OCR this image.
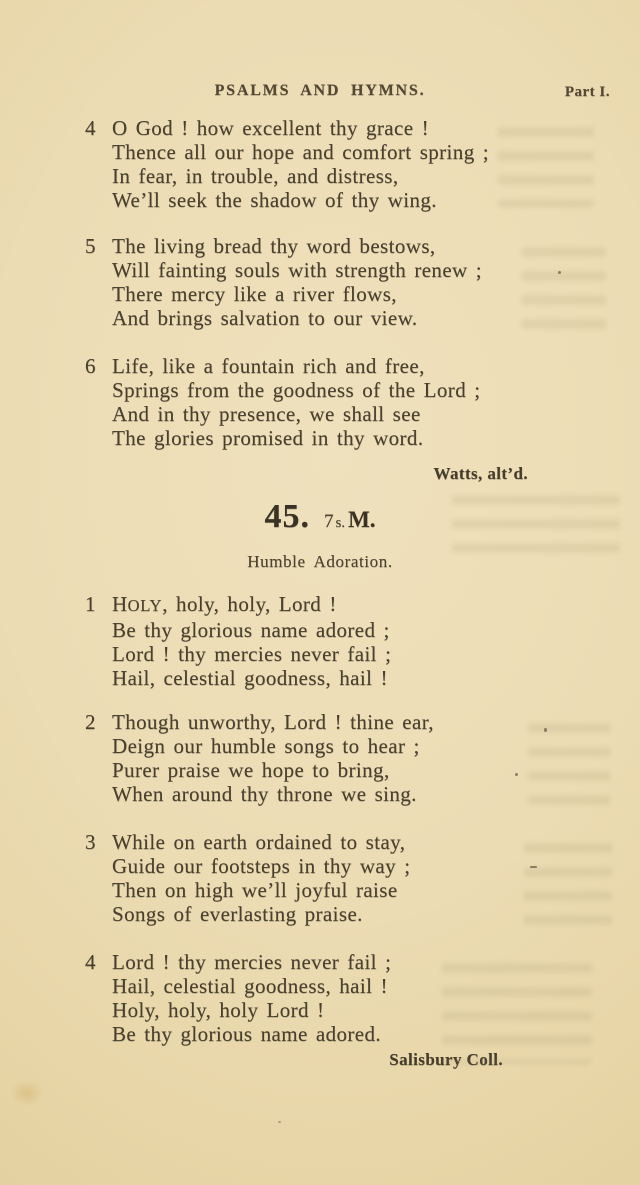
PSALMS AND HYMNS.	Part I.
4 O God ! how excellent thy grace !
Thence all our hope and comfort spring ;
In fear, in trouble, and distress,
We’ll seek the shadow of thy wing.
5 The living bread thy word bestows,
Will fainting souls with strength renew ;
There mercy like a river flows,
And brings salvation to our view.
6 Life, like a fountain rich and free,
Springs from the goodness of the Lord ;
And in thy presence, we shall see
The glories promised in thy word.
Watts, alt’d.
45. 7 s. M.
Humble Adoration.
1 HOLY, holy, holy, Lord !
Be thy glorious name adored ;
Lord ! thy mercies never fail ;
Hail, celestial goodness, hail !
2 Though unworthy, Lord ! thine ear,
Deign our humble songs to hear ;
Purer praise we hope to bring,
When around thy throne we sing.
3 While on earth ordained to stay,
Guide our footsteps in thy way ;
Then on high we’ll joyful raise
Songs of everlasting praise.
4 Lord ! thy mercies never fail ;
Hail, celestial goodness, hail !
Holy, holy, holy Lord !
Be thy glorious name adored.
Salisbury Coll.
